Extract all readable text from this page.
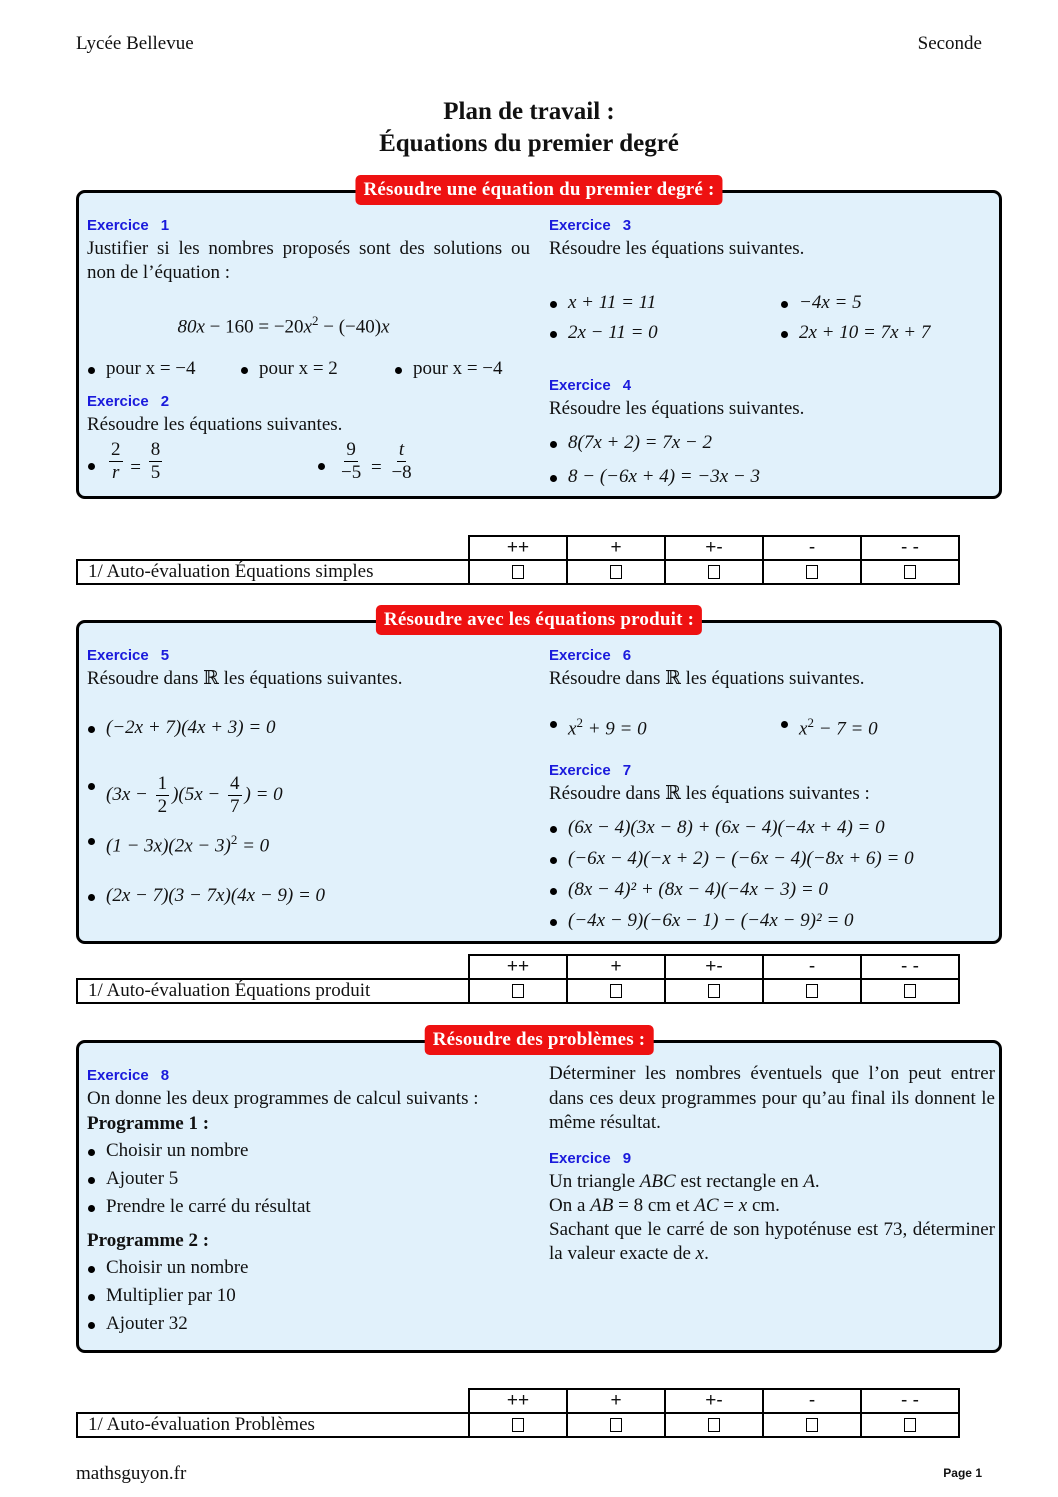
Lycée Bellevue	Seconde
Plan de travail :
Équations du premier degré
Résoudre une équation du premier degré :
Exercice 1
Justifier si les nombres proposés sont des solutions ou non de l’équation :
$80x - 160 = -20x^2 - (-40)x$
pour x = −4	pour x = 2	pour x = −4
Exercice 2
Résoudre les équations suivantes.
$\frac{2}{r} = \frac{8}{5}$	$\frac{9}{-5} = \frac{t}{-8}$
Exercice 3
Résoudre les équations suivantes.
x + 11 = 11	−4x = 5
2x − 11 = 0	2x + 10 = 7x + 7
Exercice 4
Résoudre les équations suivantes.
8(7x + 2) = 7x − 2
8 − (−6x + 4) = −3x − 3
	++	+	+-	-	- -
1/ Auto-évaluation Équations simples					
Résoudre avec les équations produit :
Exercice 5
Résoudre dans ℝ les équations suivantes.
(−2x + 7)(4x + 3) = 0
$(3x - \frac{1}{2} )(5x - \frac{4}{7}$ ) = 0
$(1 - 3x)(2x - 3)^2 = 0$
(2x − 7)(3 − 7x)(4x − 9) = 0
Exercice 6
Résoudre dans ℝ les équations suivantes.
$x^2 + 9 = 0$	$x^2 - 7 = 0$
Exercice 7
Résoudre dans ℝ les équations suivantes :
(6x − 4)(3x − 8) + (6x − 4)(−4x + 4) = 0
(−6x − 4)(−x + 2) − (−6x − 4)(−8x + 6) = 0
(8x − 4)² + (8x − 4)(−4x − 3) = 0
(−4x − 9)(−6x − 1) − (−4x − 9)² = 0
	++	+	+-	-	- -
1/ Auto-évaluation Équations produit					
Résoudre des problèmes :
Exercice 8
On donne les deux programmes de calcul suivants :
Programme 1 :
Choisir un nombre
Ajouter 5
Prendre le carré du résultat
Programme 2 :
Choisir un nombre
Multiplier par 10
Ajouter 32
Déterminer les nombres éventuels que l’on peut entrer dans ces deux programmes pour qu’au final ils donnent le même résultat.
Exercice 9
Un triangle ABC est rectangle en A.
On a AB = 8 cm et AC = x cm.
Sachant que le carré de son hypoténuse est 73, déterminer la valeur exacte de x.
	++	+	+-	-	- -
1/ Auto-évaluation Problèmes					
mathsguyon.fr	Page 1
